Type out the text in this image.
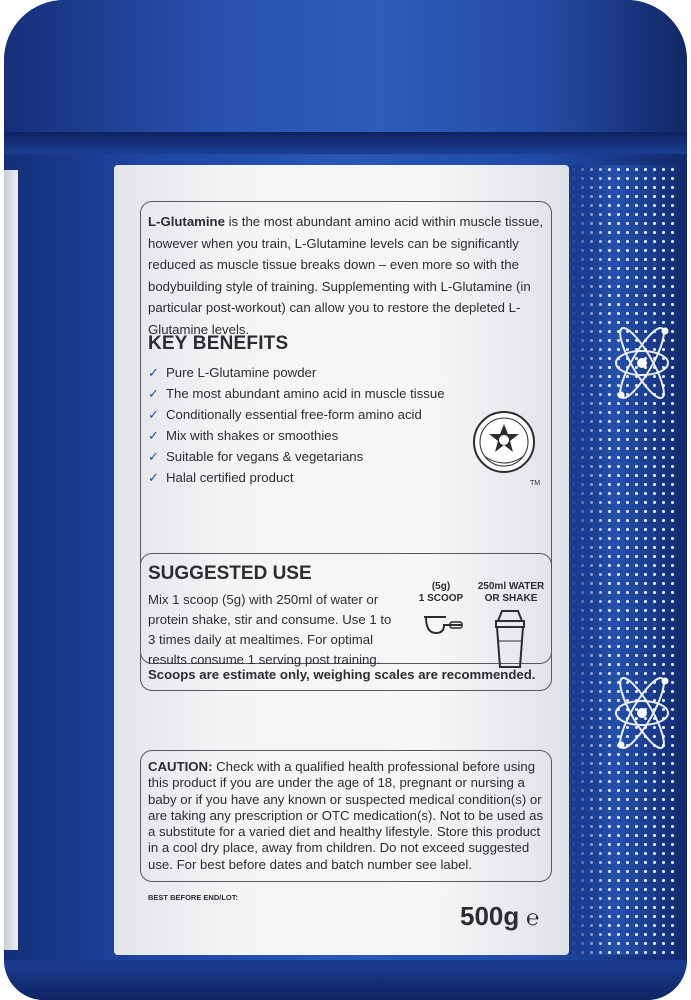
L-Glutamine is the most abundant amino acid within muscle tissue, however when you train, L-Glutamine levels can be significantly reduced as muscle tissue breaks down – even more so with the bodybuilding style of training. Supplementing with L-Glutamine (in particular post-workout) can allow you to restore the depleted L-Glutamine levels.
KEY BENEFITS
✓ Pure L-Glutamine powder
✓ The most abundant amino acid in muscle tissue
✓ Conditionally essential free-form amino acid
✓ Mix with shakes or smoothies
✓ Suitable for vegans & vegetarians
✓ Halal certified product	TM
SUGGESTED USE
Mix 1 scoop (5g) with 250ml of water or protein shake, stir and consume. Use 1 to 3 times daily at mealtimes. For optimal results consume 1 serving post training.
(5g)
1 SCOOP
250ml WATER
OR SHAKE
Scoops are estimate only, weighing scales are recommended.
CAUTION: Check with a qualified health professional before using this product if you are under the age of 18, pregnant or nursing a baby or if you have any known or suspected medical condition(s) or are taking any prescription or OTC medication(s). Not to be used as a substitute for a varied diet and healthy lifestyle. Store this product in a cool dry place, away from children. Do not exceed suggested use. For best before dates and batch number see label.
BEST BEFORE END/LOT:
500g ℮
